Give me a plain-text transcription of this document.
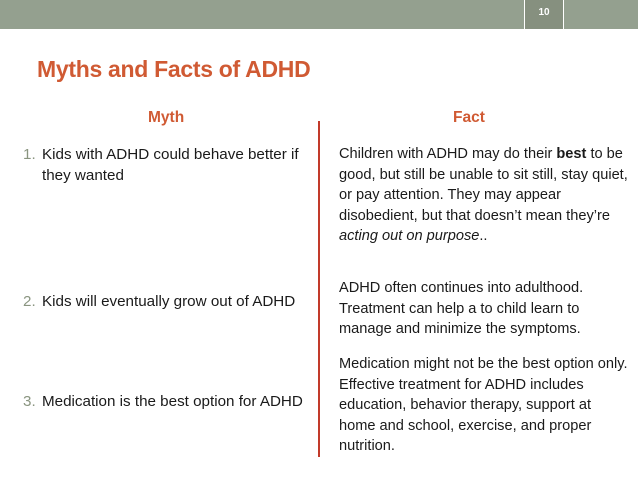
10
Myths and Facts of ADHD
Myth	Fact
1. Kids with ADHD could behave better if they wanted
2. Kids will eventually grow out of ADHD
3. Medication is the best option for ADHD
Children with ADHD may do their best to be good, but still be unable to sit still, stay quiet, or pay attention. They may appear disobedient, but that doesn’t mean they’re acting out on purpose..
ADHD often continues into adulthood. Treatment can help a to child learn to manage and minimize the symptoms.
Medication might not be the best option only. Effective treatment for ADHD includes education, behavior therapy, support at home and school, exercise, and proper nutrition.
